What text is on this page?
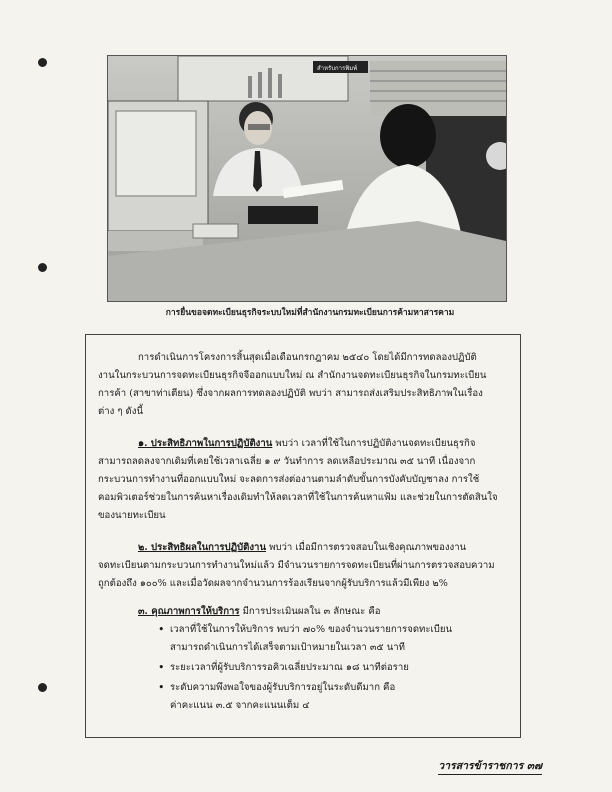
สำหรับการพิมพ์
การยื่นขอจดทะเบียนธุรกิจระบบใหม่ที่สำนักงานกรมทะเบียนการค้ามหาสารคาม
การดำเนินการโครงการสิ้นสุดเมื่อเดือนกรกฎาคม ๒๕๔๐ โดยได้มีการทดลองปฏิบัติ
งานในกระบวนการจดทะเบียนธุรกิจจีออกแบบใหม่ ณ สำนักงานจดทะเบียนธุรกิจในกรมทะเบียน
การค้า (สาขาท่าเตียน) ซึ่งจากผลการทดลองปฏิบัติ พบว่า สามารถส่งเสริมประสิทธิภาพในเรื่อง
ต่าง ๆ ดังนี้
๑. ประสิทธิภาพในการปฏิบัติงาน พบว่า เวลาที่ใช้ในการปฏิบัติงานจดทะเบียนธุรกิจ
สามารถลดลงจากเดิมที่เคยใช้เวลาเฉลี่ย ๑ ๙ วันทำการ ลดเหลือประมาณ ๓๕ นาที เนื่องจาก
กระบวนการทำงานที่ออกแบบใหม่ จะลดการส่งต่องานตามลำดับขั้นการบังคับบัญชาลง การใช้
คอมพิวเตอร์ช่วยในการค้นหาเรื่องเดิมทำให้ลดเวลาที่ใช้ในการค้นหาแฟ้ม และช่วยในการตัดสินใจ
ของนายทะเบียน
๒. ประสิทธิผลในการปฏิบัติงาน พบว่า เมื่อมีการตรวจสอบในเชิงคุณภาพของงาน
จดทะเบียนตามกระบวนการทำงานใหม่แล้ว มีจำนวนรายการจดทะเบียนที่ผ่านการตรวจสอบความ
ถูกต้องถึง ๑๐๐% และเมื่อวัดผลจากจำนวนการร้องเรียนจากผู้รับบริการแล้วมีเพียง ๒%
๓. คุณภาพการให้บริการ มีการประเมินผลใน ๓ ลักษณะ คือ
• เวลาที่ใช้ในการให้บริการ พบว่า ๗๐% ของจำนวนรายการจดทะเบียน
สามารถดำเนินการได้เสร็จตามเป้าหมายในเวลา ๓๕ นาที
• ระยะเวลาที่ผู้รับบริการรอคิวเฉลี่ยประมาณ ๑๘ นาทีต่อราย
• ระดับความพึงพอใจของผู้รับบริการอยู่ในระดับดีมาก คือ
ค่าคะแนน ๓.๕ จากคะแนนเต็ม ๔
วารสารข้าราชการ ๓๗
